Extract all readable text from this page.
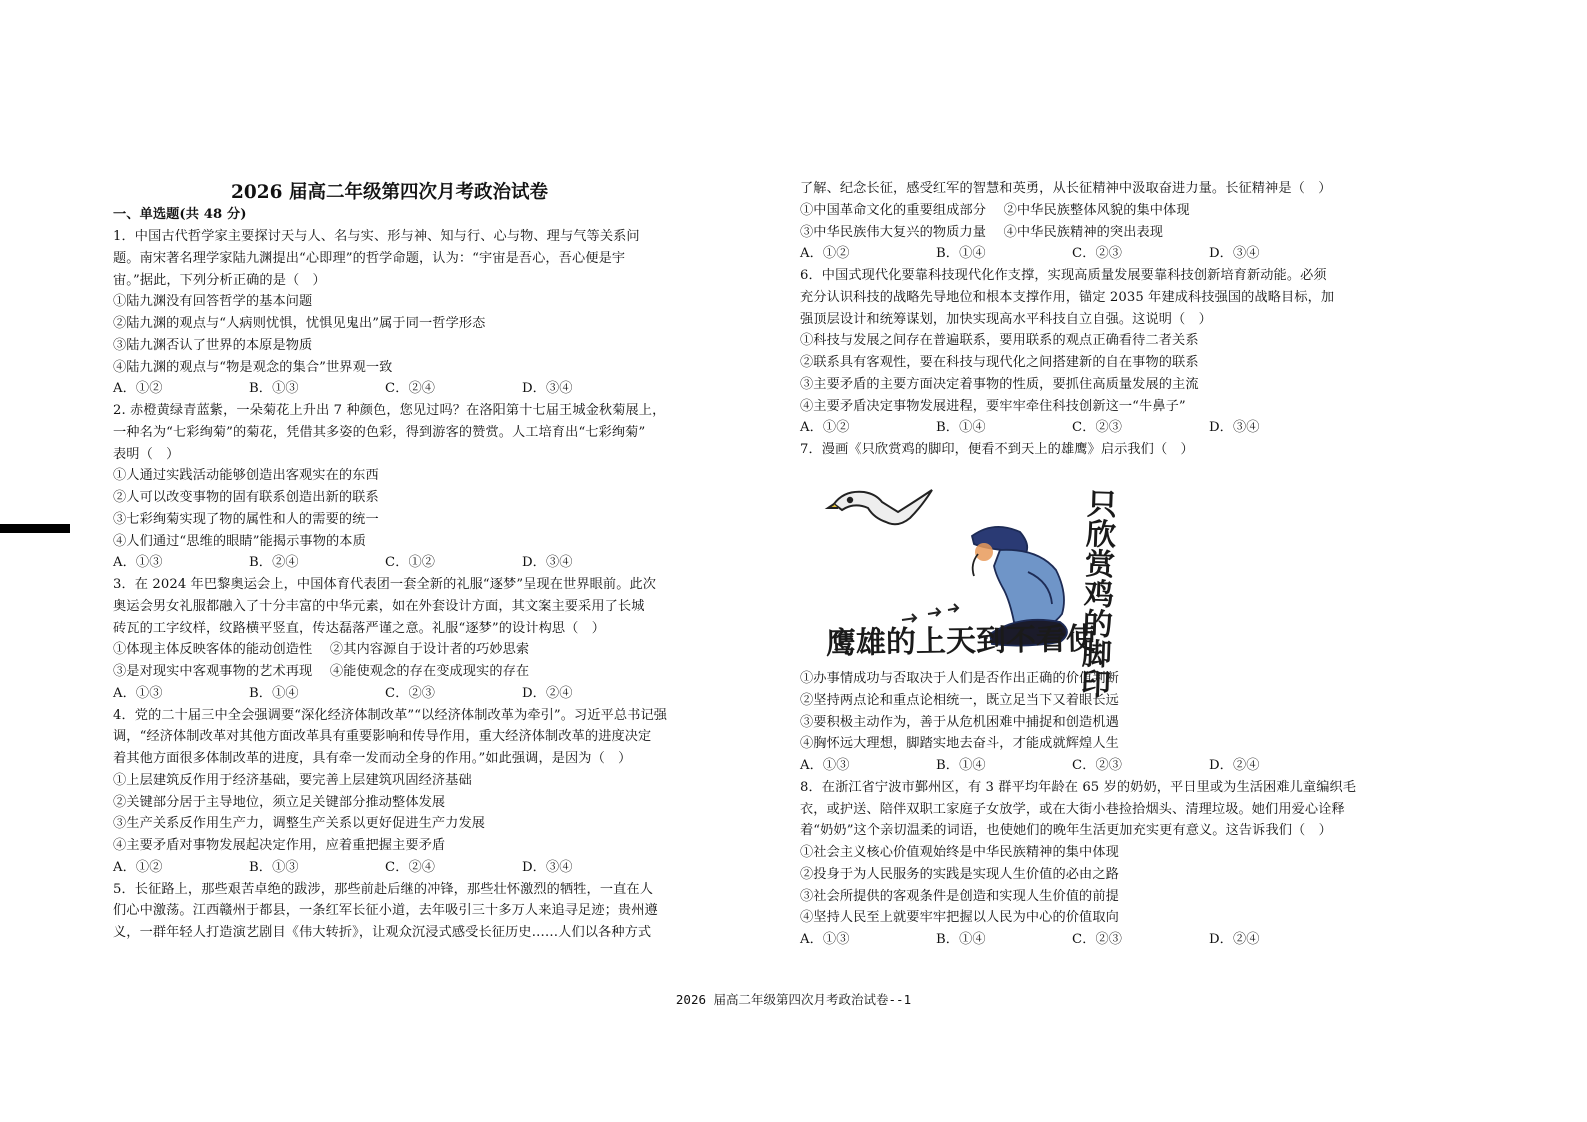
2026 届高二年级第四次月考政治试卷
一、单选题(共 48 分)
1．中国古代哲学家主要探讨天与人、名与实、形与神、知与行、心与物、理与气等关系问
题。南宋著名理学家陆九渊提出“心即理”的哲学命题，认为：“宇宙是吾心，吾心便是宇
宙。”据此，下列分析正确的是（　）
①陆九渊没有回答哲学的基本问题
②陆九渊的观点与“人病则忧惧，忧惧见鬼出”属于同一哲学形态
③陆九渊否认了世界的本原是物质
④陆九渊的观点与“物是观念的集合”世界观一致
A．①②	B．①③	C．②④	D．③④
2. 赤橙黄绿青蓝紫，一朵菊花上升出 7 种颜色，您见过吗？在洛阳第十七届王城金秋菊展上，
一种名为“七彩绚菊”的菊花，凭借其多姿的色彩，得到游客的赞赏。人工培育出“七彩绚菊”
表明（　）
①人通过实践活动能够创造出客观实在的东西
②人可以改变事物的固有联系创造出新的联系
③七彩绚菊实现了物的属性和人的需要的统一
④人们通过“思维的眼睛”能揭示事物的本质
A．①③	B．②④	C．①②	D．③④
3．在 2024 年巴黎奥运会上，中国体育代表团一套全新的礼服“逐梦”呈现在世界眼前。此次
奥运会男女礼服都融入了十分丰富的中华元素，如在外套设计方面，其文案主要采用了长城
砖瓦的工字纹样，纹路横平竖直，传达磊落严谨之意。礼服“逐梦”的设计构思（　）
①体现主体反映客体的能动创造性　 ②其内容源自于设计者的巧妙思索
③是对现实中客观事物的艺术再现　 ④能使观念的存在变成现实的存在
A．①③	B．①④	C．②③	D．②④
4．党的二十届三中全会强调要“深化经济体制改革”“以经济体制改革为牵引”。习近平总书记强
调，“经济体制改革对其他方面改革具有重要影响和传导作用，重大经济体制改革的进度决定
着其他方面很多体制改革的进度，具有牵一发而动全身的作用。”如此强调，是因为（　）
①上层建筑反作用于经济基础，要完善上层建筑巩固经济基础
②关键部分居于主导地位，须立足关键部分推动整体发展
③生产关系反作用生产力，调整生产关系以更好促进生产力发展
④主要矛盾对事物发展起决定作用，应着重把握主要矛盾
A．①②	B．①③	C．②④	D．③④
5．长征路上，那些艰苦卓绝的跋涉，那些前赴后继的冲锋，那些壮怀激烈的牺牲，一直在人
们心中激荡。江西赣州于都县，一条红军长征小道，去年吸引三十多万人来追寻足迹；贵州遵
义，一群年轻人打造演艺剧目《伟大转折》，让观众沉浸式感受长征历史……人们以各种方式
了解、纪念长征，感受红军的智慧和英勇，从长征精神中汲取奋进力量。长征精神是（　）
①中国革命文化的重要组成部分　 ②中华民族整体风貌的集中体现
③中华民族伟大复兴的物质力量　 ④中华民族精神的突出表现
A．①②	B．①④	C．②③	D．③④
6．中国式现代化要靠科技现代化作支撑，实现高质量发展要靠科技创新培育新动能。必须
充分认识科技的战略先导地位和根本支撑作用，锚定 2035 年建成科技强国的战略目标，加
强顶层设计和统筹谋划，加快实现高水平科技自立自强。这说明（　）
①科技与发展之间存在普遍联系，要用联系的观点正确看待二者关系
②联系具有客观性，要在科技与现代化之间搭建新的自在事物的联系
③主要矛盾的主要方面决定着事物的性质，要抓住高质量发展的主流
④主要矛盾决定事物发展进程，要牢牢牵住科技创新这一“牛鼻子”
A．①②	B．①④	C．②③	D．③④
7．漫画《只欣赏鸡的脚印，便看不到天上的雄鹰》启示我们（　）
①办事情成功与否取决于人们是否作出正确的价值判断
②坚持两点论和重点论相统一，既立足当下又着眼长远
③要积极主动作为，善于从危机困难中捕捉和创造机遇
④胸怀远大理想，脚踏实地去奋斗，才能成就辉煌人生
A．①③	B．①④	C．②③	D．②④
8．在浙江省宁波市鄞州区，有 3 群平均年龄在 65 岁的奶奶，平日里或为生活困难儿童编织毛
衣，或护送、陪伴双职工家庭子女放学，或在大街小巷捡拾烟头、清理垃圾。她们用爱心诠释
着“奶奶”这个亲切温柔的词语，也使她们的晚年生活更加充实更有意义。这告诉我们（　）
①社会主义核心价值观始终是中华民族精神的集中体现
②投身于为人民服务的实践是实现人生价值的必由之路
③社会所提供的客观条件是创造和实现人生价值的前提
④坚持人民至上就要牢牢把握以人民为中心的价值取向
A．①③	B．①④	C．②③	D．②④
只欣赏鸡的脚印
鹰雄的上天到不看使
2026 届高二年级第四次月考政治试卷--1
